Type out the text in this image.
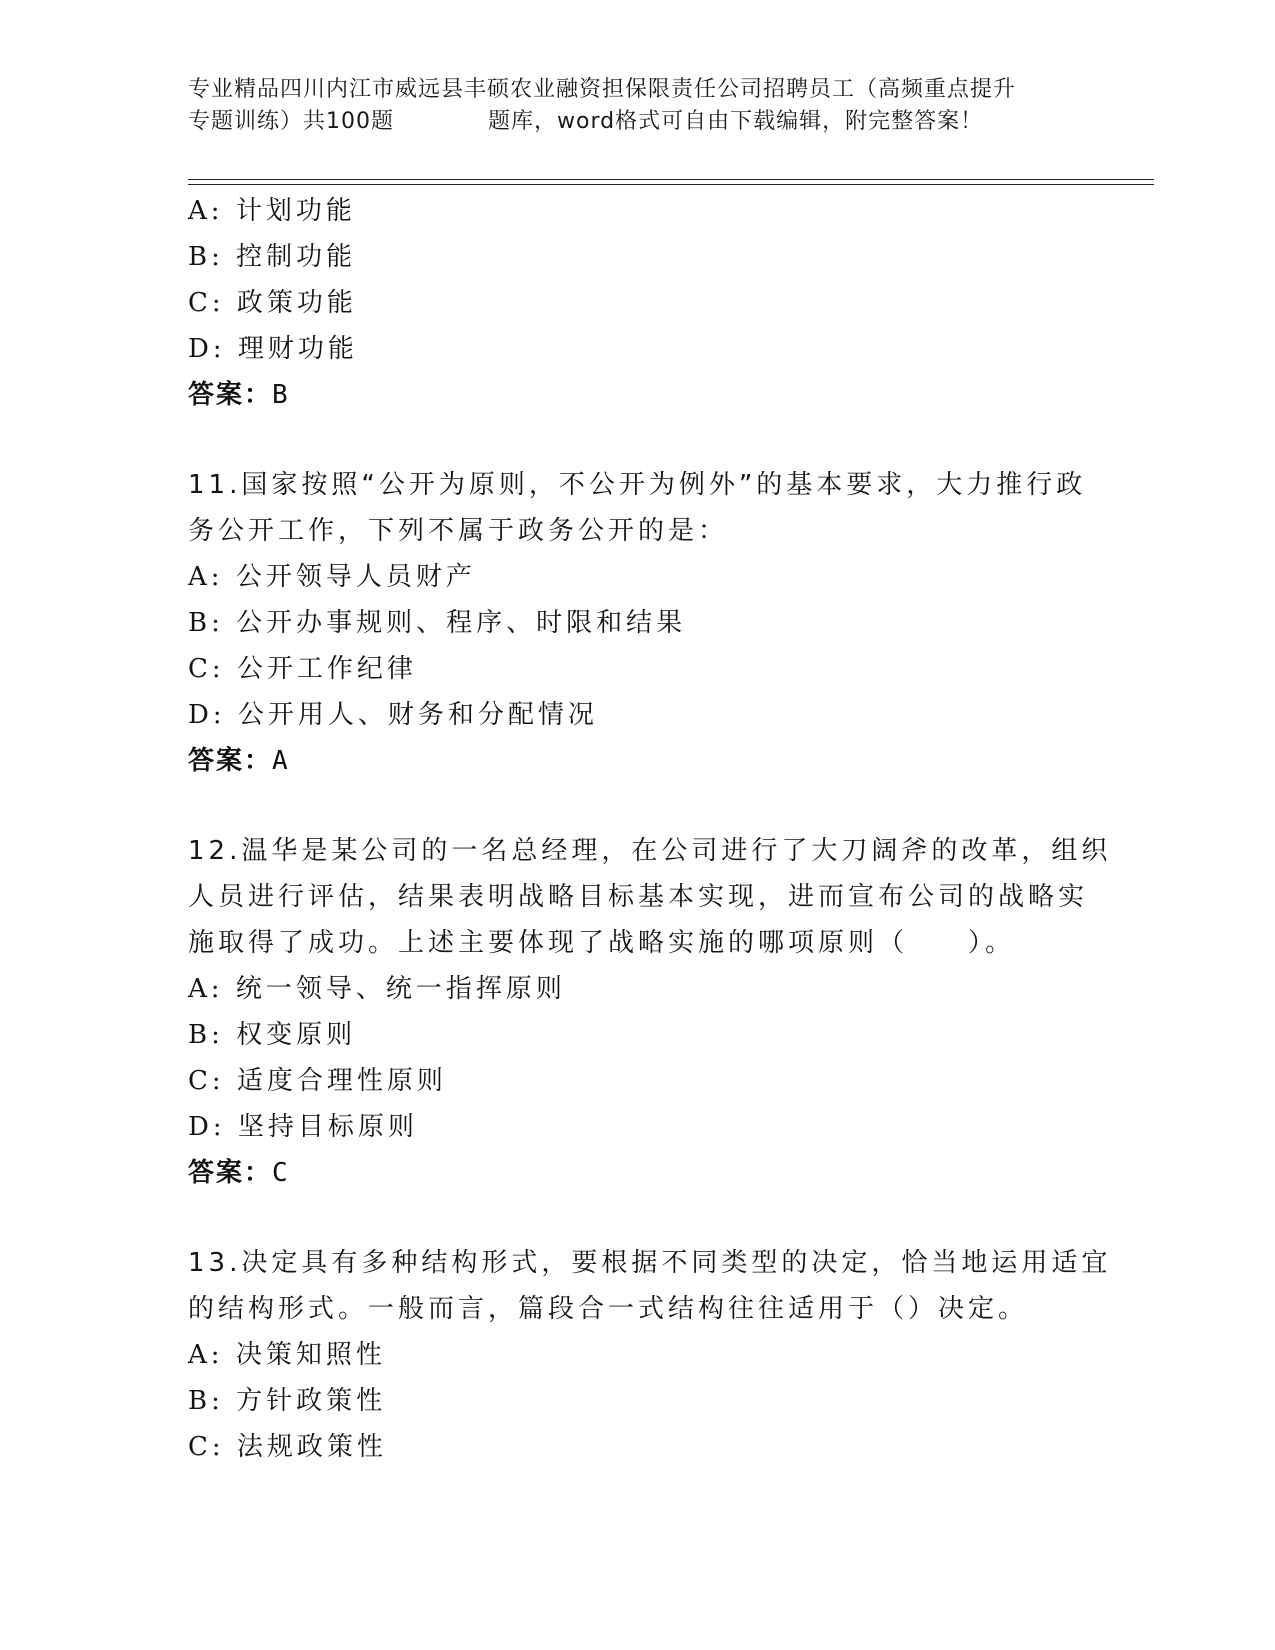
专业精品四川内江市威远县丰硕农业融资担保限责任公司招聘员工（高频重点提升
专题训练）共100题	题库，word格式可自由下载编辑，附完整答案！
A: 计划功能
B: 控制功能
C: 政策功能
D: 理财功能
答案：B
11.国家按照“公开为原则，不公开为例外”的基本要求，大力推行政
务公开工作，下列不属于政务公开的是：
A: 公开领导人员财产
B: 公开办事规则、程序、时限和结果
C: 公开工作纪律
D: 公开用人、财务和分配情况
答案：A
12.温华是某公司的一名总经理，在公司进行了大刀阔斧的改革，组织
人员进行评估，结果表明战略目标基本实现，进而宣布公司的战略实
施取得了成功。上述主要体现了战略实施的哪项原则（　　）。
A: 统一领导、统一指挥原则
B: 权变原则
C: 适度合理性原则
D: 坚持目标原则
答案：C
13.决定具有多种结构形式，要根据不同类型的决定，恰当地运用适宜
的结构形式。一般而言，篇段合一式结构往往适用于（）决定。
A: 决策知照性
B: 方针政策性
C: 法规政策性
